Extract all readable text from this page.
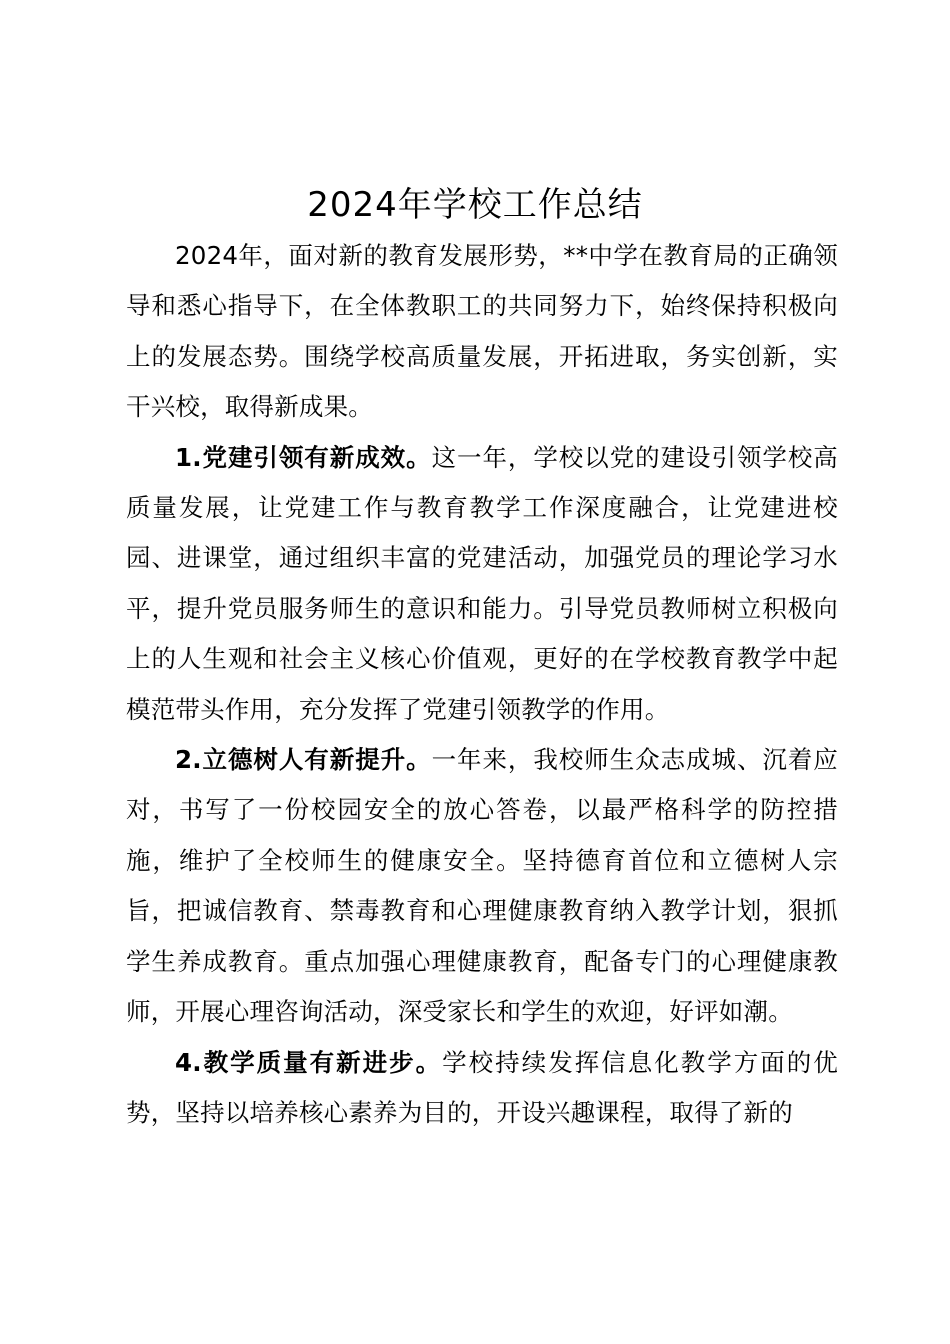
2024年学校工作总结

2024年，面对新的教育发展形势，**中学在教育局的正确领导和悉心指导下，在全体教职工的共同努力下，始终保持积极向上的发展态势。围绕学校高质量发展，开拓进取，务实创新，实干兴校，取得新成果。

1.党建引领有新成效。这一年，学校以党的建设引领学校高质量发展，让党建工作与教育教学工作深度融合，让党建进校园、进课堂，通过组织丰富的党建活动，加强党员的理论学习水平，提升党员服务师生的意识和能力。引导党员教师树立积极向上的人生观和社会主义核心价值观，更好的在学校教育教学中起模范带头作用，充分发挥了党建引领教学的作用。

2.立德树人有新提升。一年来，我校师生众志成城、沉着应对，书写了一份校园安全的放心答卷，以最严格科学的防控措施，维护了全校师生的健康安全。坚持德育首位和立德树人宗旨，把诚信教育、禁毒教育和心理健康教育纳入教学计划，狠抓学生养成教育。重点加强心理健康教育，配备专门的心理健康教师，开展心理咨询活动，深受家长和学生的欢迎，好评如潮。

4.教学质量有新进步。学校持续发挥信息化教学方面的优势，坚持以培养核心素养为目的，开设兴趣课程，取得了新的
